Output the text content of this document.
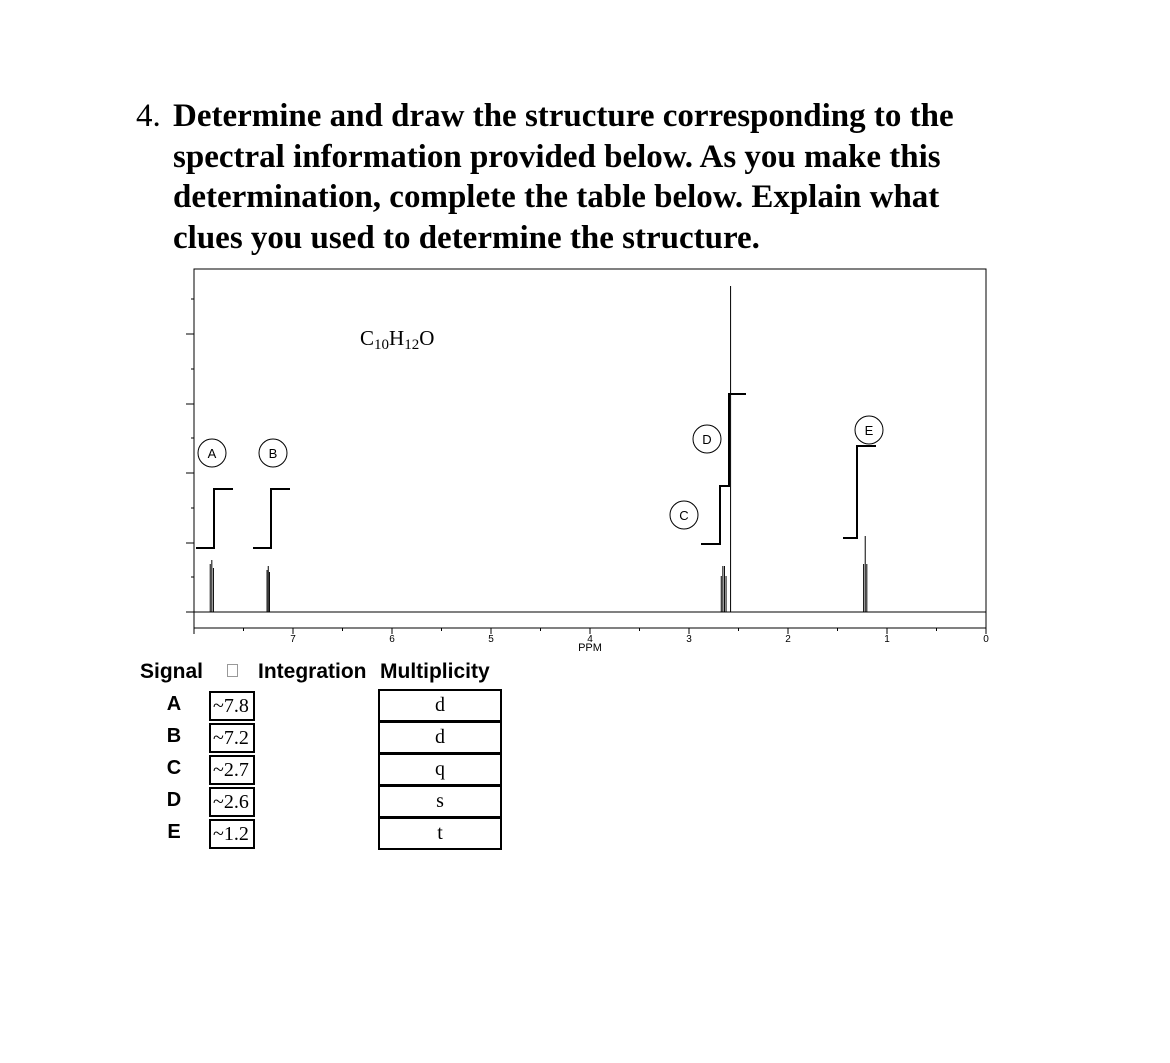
4. Determine and draw the structure corresponding to the spectral information provided below. As you make this determination, complete the table below. Explain what clues you used to determine the structure.
7	6	5	4	3	2	1	0
PPM
C10H12O
A	B
C
D
E
Signal	Integration Multiplicity
A ~7.8	d
B ~7.2	d
C ~2.7	q
D ~2.6	s
E ~1.2	t
